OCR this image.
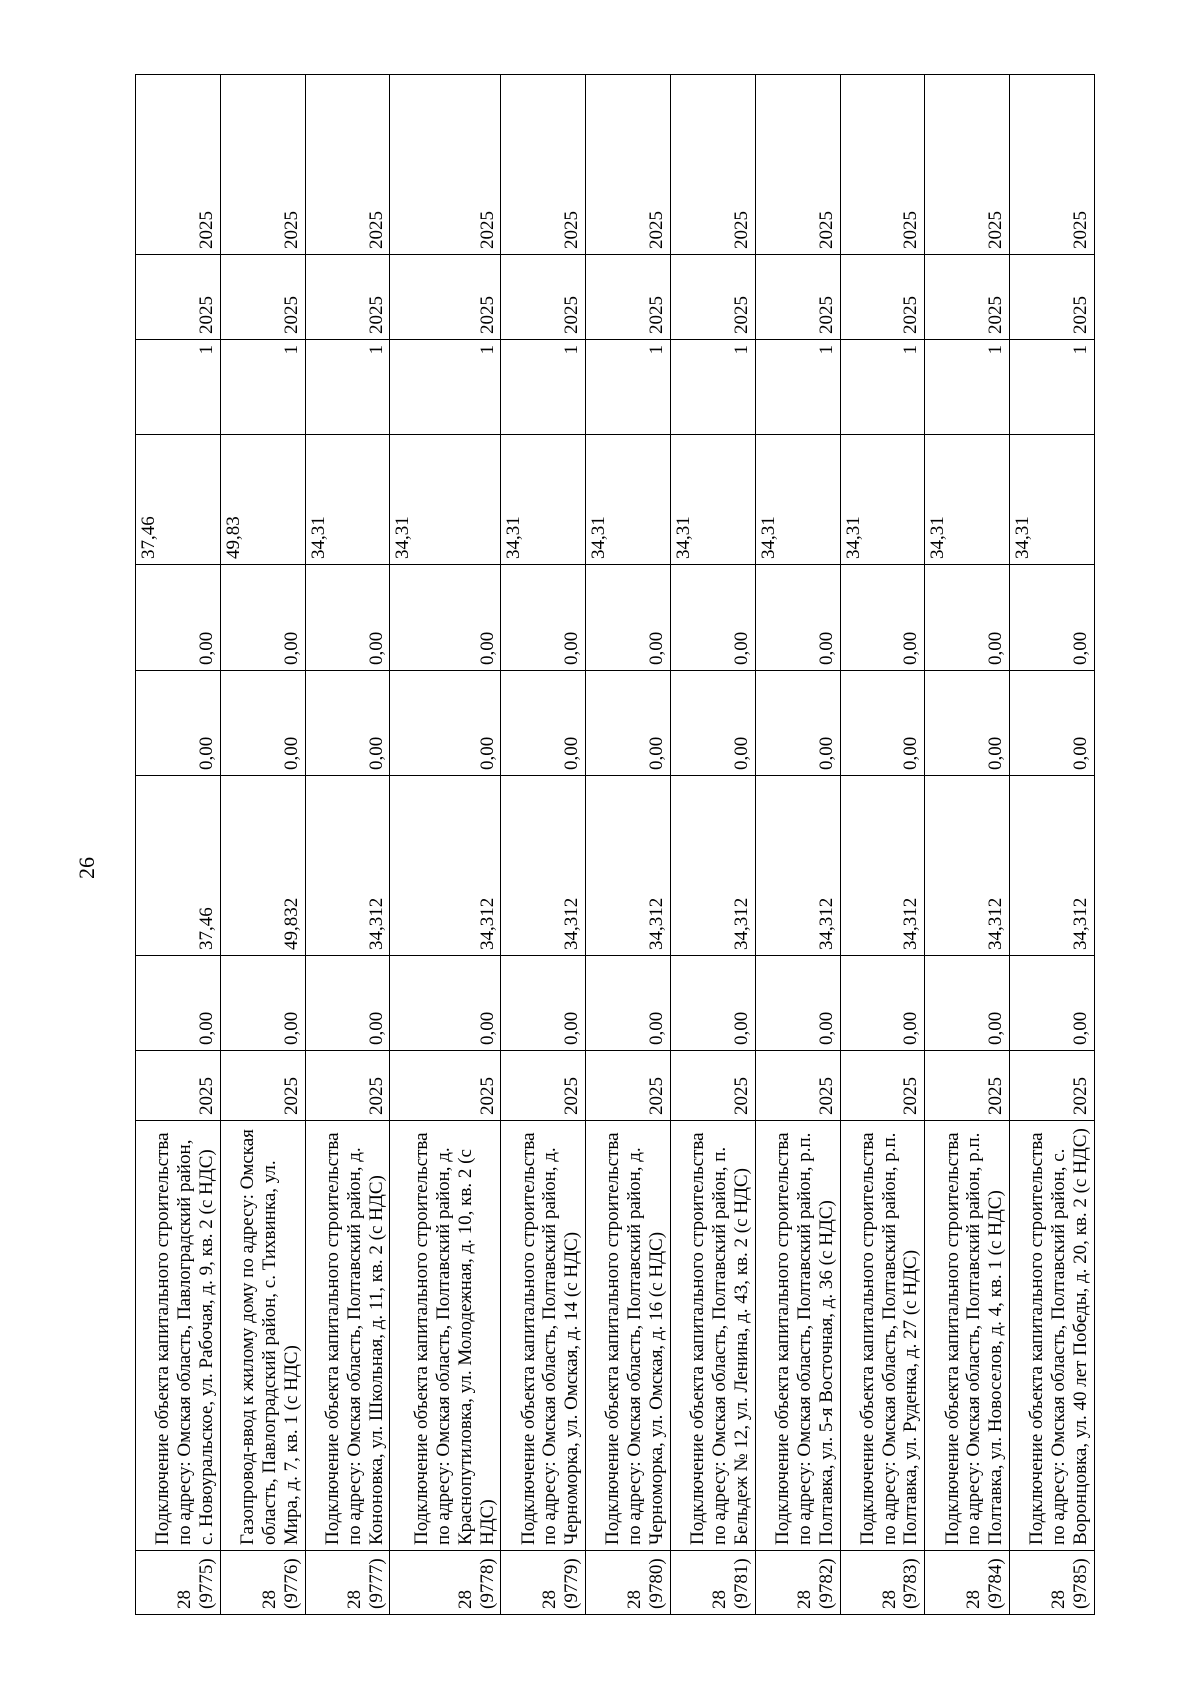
26
28
(9775)	Подключение объекта капитального строительства по адресу: Омская область, Павлоградский район, с. Новоуральское, ул. Рабочая, д. 9, кв. 2 (с НДС)	2025	0,00	37,46	0,00	0,00	37,46	1	2025	2025
28
(9776)	Газопровод-ввод к жилому дому по адресу: Омская область, Павлоградский район, с. Тихвинка, ул. Мира, д. 7, кв. 1 (с НДС)	2025	0,00	49,832	0,00	0,00	49,83	1	2025	2025
28
(9777)	Подключение объекта капитального строительства по адресу: Омская область, Полтавский район, д. Кононовка, ул. Школьная, д. 11, кв. 2 (с НДС)	2025	0,00	34,312	0,00	0,00	34,31	1	2025	2025
28
(9778)	Подключение объекта капитального строительства по адресу: Омская область, Полтавский район, д. Краснопутиловка, ул. Молодежная, д. 10, кв. 2 (с НДС)	2025	0,00	34,312	0,00	0,00	34,31	1	2025	2025
28
(9779)	Подключение объекта капитального строительства по адресу: Омская область, Полтавский район, д. Черноморка, ул. Омская, д. 14 (с НДС)	2025	0,00	34,312	0,00	0,00	34,31	1	2025	2025
28
(9780)	Подключение объекта капитального строительства по адресу: Омская область, Полтавский район, д. Черноморка, ул. Омская, д. 16 (с НДС)	2025	0,00	34,312	0,00	0,00	34,31	1	2025	2025
28
(9781)	Подключение объекта капитального строительства по адресу: Омская область, Полтавский район, п. Бельдеж № 12, ул. Ленина, д. 43, кв. 2 (с НДС)	2025	0,00	34,312	0,00	0,00	34,31	1	2025	2025
28
(9782)	Подключение объекта капитального строительства по адресу: Омская область, Полтавский район, р.п. Полтавка, ул. 5-я Восточная, д. 36 (с НДС)	2025	0,00	34,312	0,00	0,00	34,31	1	2025	2025
28
(9783)	Подключение объекта капитального строительства по адресу: Омская область, Полтавский район, р.п. Полтавка, ул. Руденка, д. 27 (с НДС)	2025	0,00	34,312	0,00	0,00	34,31	1	2025	2025
28
(9784)	Подключение объекта капитального строительства по адресу: Омская область, Полтавский район, р.п. Полтавка, ул. Новоселов, д. 4, кв. 1 (с НДС)	2025	0,00	34,312	0,00	0,00	34,31	1	2025	2025
28
(9785)	Подключение объекта капитального строительства по адресу: Омская область, Полтавский район, с. Воронцовка, ул. 40 лет Победы, д. 20, кв. 2 (с НДС)	2025	0,00	34,312	0,00	0,00	34,31	1	2025	2025
